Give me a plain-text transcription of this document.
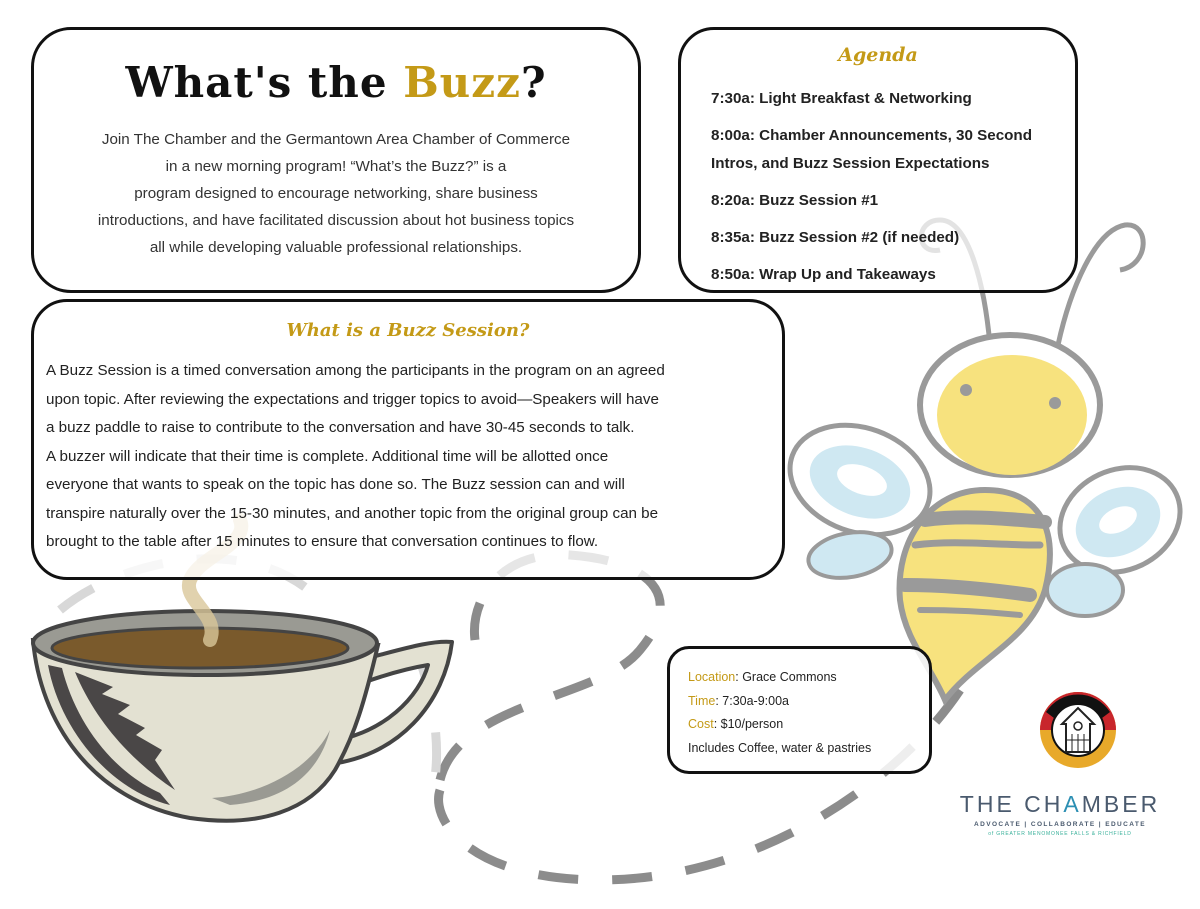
What's the Buzz?
Join The Chamber and the Germantown Area Chamber of Commerce
in a new morning program! “What’s the Buzz?” is a
program designed to encourage networking, share business
introductions, and have facilitated discussion about hot business topics
all while developing valuable professional relationships.
Agenda
7:30a: Light Breakfast & Networking
8:00a: Chamber Announcements, 30 Second Intros, and Buzz Session Expectations
8:20a: Buzz Session #1
8:35a: Buzz Session #2 (if needed)
8:50a: Wrap Up and Takeaways
What is a Buzz Session?
A Buzz Session is a timed conversation among the participants in the program on an agreed
upon topic. After reviewing the expectations and trigger topics to avoid—Speakers will have
a buzz paddle to raise to contribute to the conversation and have 30-45 seconds to talk.
A buzzer will indicate that their time is complete. Additional time will be allotted once
everyone that wants to speak on the topic has done so. The Buzz session can and will
transpire naturally over the 15-30 minutes, and another topic from the original group can be
brought to the table after 15 minutes to ensure that conversation continues to flow.
Location: Grace Commons
Time: 7:30a-9:00a
Cost: $10/person
Includes Coffee, water & pastries
THE CHAMBER
ADVOCATE | COLLABORATE | EDUCATE
of GREATER MENOMONEE FALLS & RICHFIELD
